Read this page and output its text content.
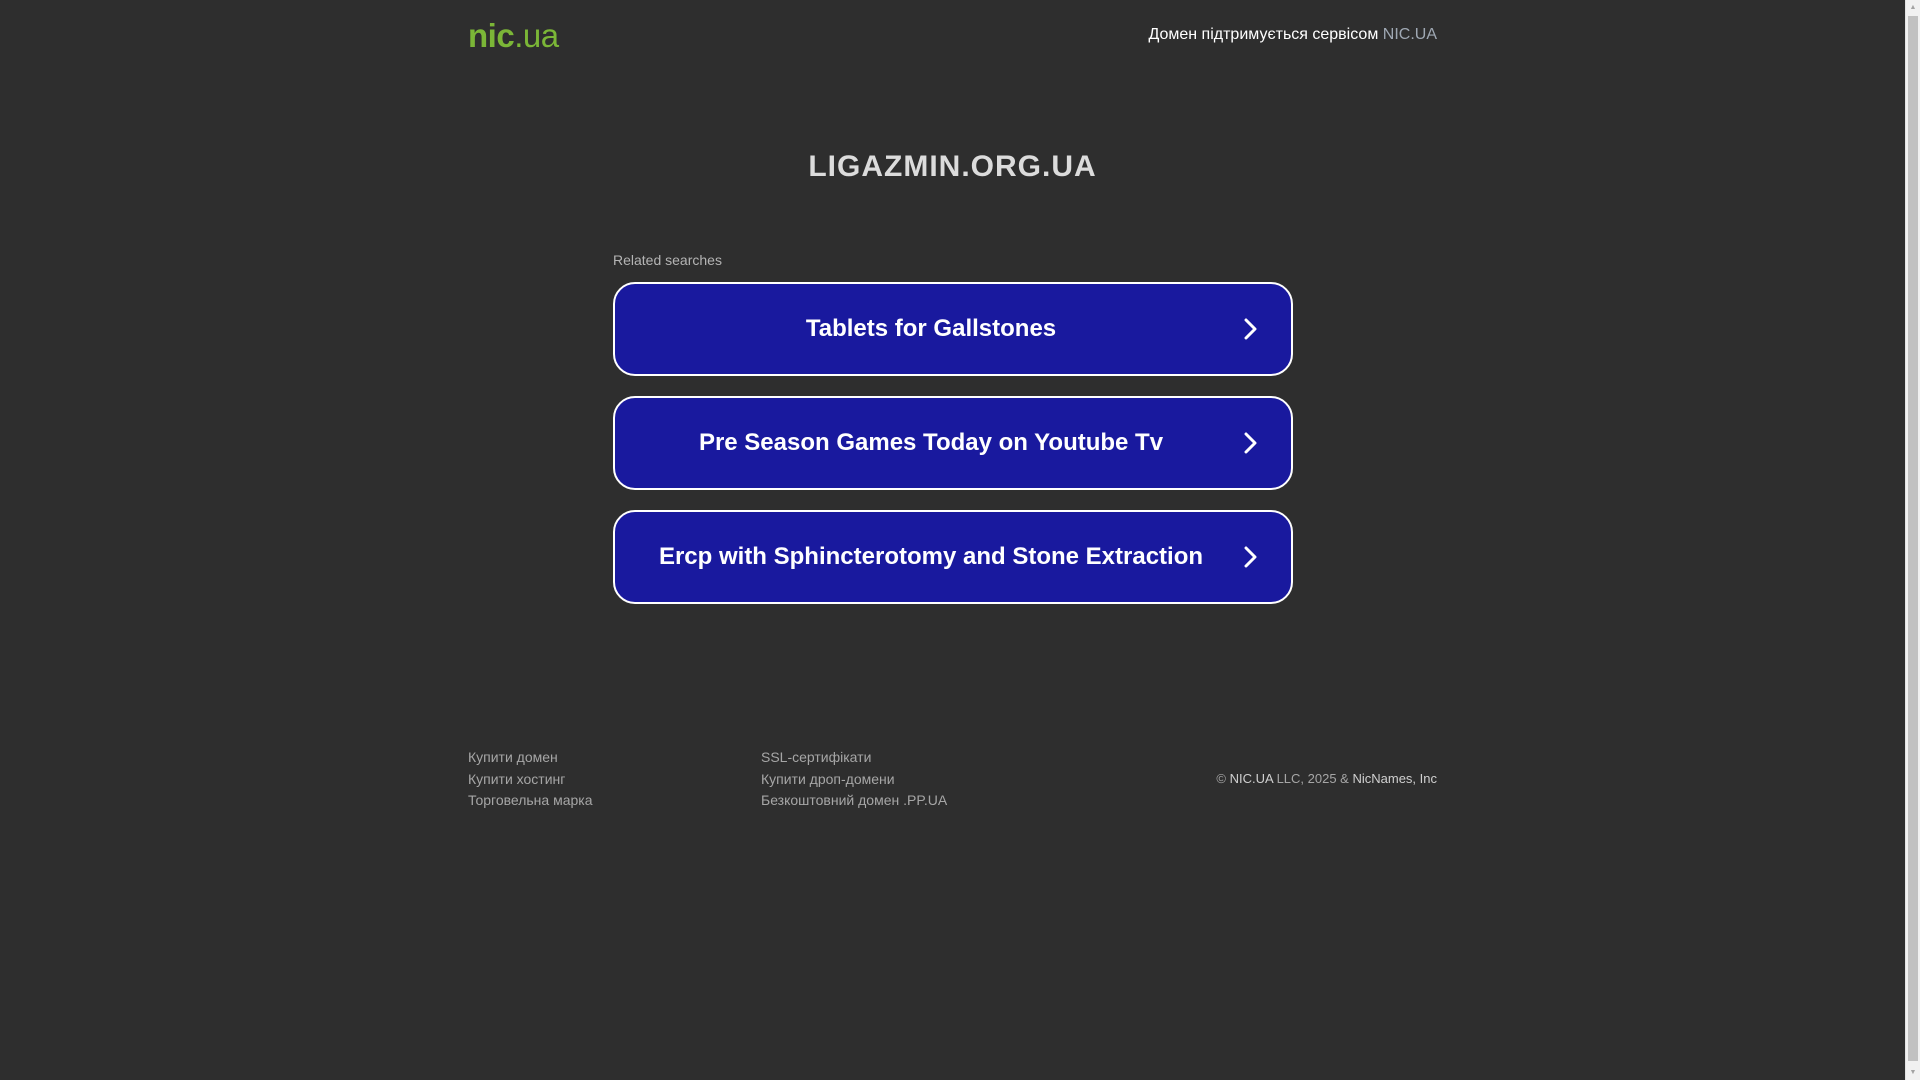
nic.ua	Домен підтримується сервісом NIC.UA
LIGAZMIN.ORG.UA
Related searches
Tablets for Gallstones
Pre Season Games Today on Youtube Tv
Ercp with Sphincterotomy and Stone Extraction
Купити домен
Купити хостинг
Торговельна марка
SSL-сертифікати
Купити дроп-домени
Безкоштовний домен .PP.UA
© NIC.UA LLC, 2025 & NicNames, Inc
▲
▼
